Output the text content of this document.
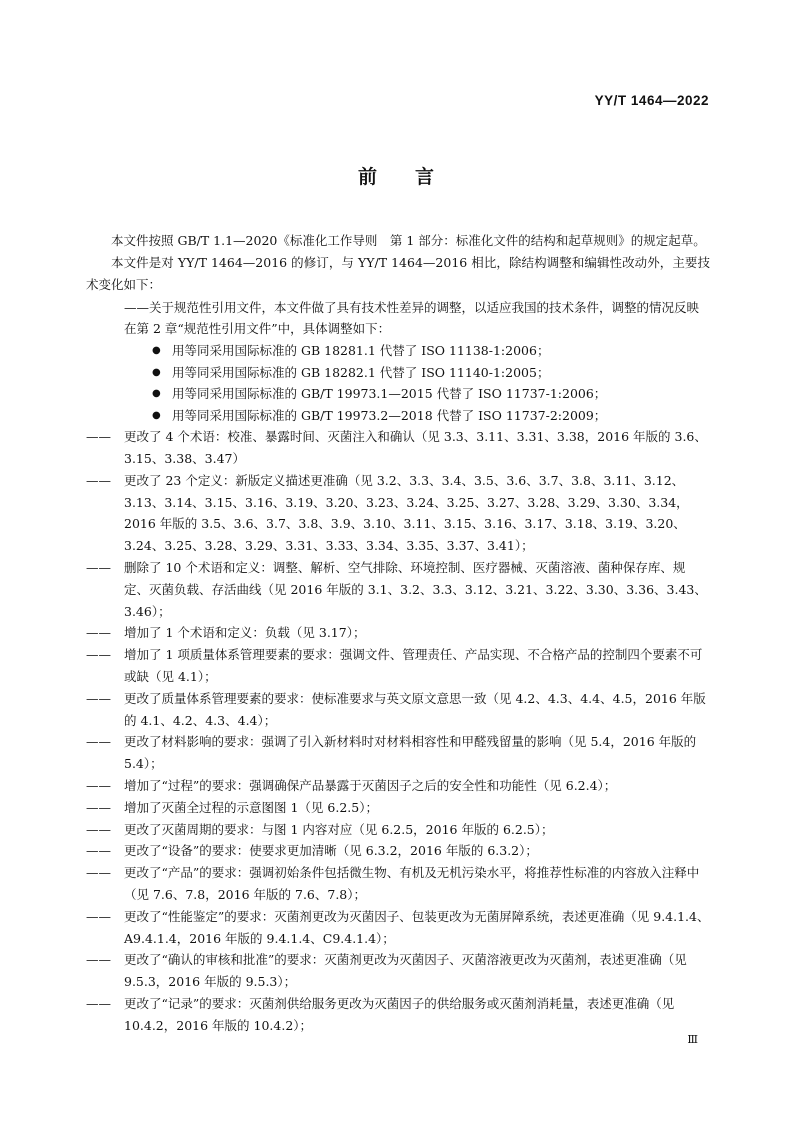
YY/T 1464—2022
前 言

本文件按照 GB/T 1.1—2020《标准化工作导则　第 1 部分：标准化文件的结构和起草规则》的规定起草。

本文件是对 YY/T 1464—2016 的修订，与 YY/T 1464—2016 相比，除结构调整和编辑性改动外，主要技术变化如下：

——关于规范性引用文件，本文件做了具有技术性差异的调整，以适应我国的技术条件，调整的情况反映在第 2 章“规范性引用文件”中，具体调整如下：
● 用等同采用国际标准的 GB 18281.1 代替了 ISO 11138-1:2006；
● 用等同采用国际标准的 GB 18282.1 代替了 ISO 11140-1:2005；
● 用等同采用国际标准的 GB/T 19973.1—2015 代替了 ISO 11737-1:2006；
● 用等同采用国际标准的 GB/T 19973.2—2018 代替了 ISO 11737-2:2009；
—— 更改了 4 个术语：校准、暴露时间、灭菌注入和确认（见 3.3、3.11、3.31、3.38，2016 年版的 3.6、3.15、3.38、3.47）
—— 更改了 23 个定义：新版定义描述更准确（见 3.2、3.3、3.4、3.5、3.6、3.7、3.8、3.11、3.12、3.13、3.14、3.15、3.16、3.19、3.20、3.23、3.24、3.25、3.27、3.28、3.29、3.30、3.34，2016 年版的 3.5、3.6、3.7、3.8、3.9、3.10、3.11、3.15、3.16、3.17、3.18、3.19、3.20、3.24、3.25、3.28、3.29、3.31、3.33、3.34、3.35、3.37、3.41）；
—— 删除了 10 个术语和定义：调整、解析、空气排除、环境控制、医疗器械、灭菌溶液、菌种保存库、规定、灭菌负载、存活曲线（见 2016 年版的 3.1、3.2、3.3、3.12、3.21、3.22、3.30、3.36、3.43、3.46）；
—— 增加了 1 个术语和定义：负载（见 3.17）；
—— 增加了 1 项质量体系管理要素的要求：强调文件、管理责任、产品实现、不合格产品的控制四个要素不可或缺（见 4.1）；
—— 更改了质量体系管理要素的要求：使标准要求与英文原文意思一致（见 4.2、4.3、4.4、4.5，2016 年版的 4.1、4.2、4.3、4.4）；
—— 更改了材料影响的要求：强调了引入新材料时对材料相容性和甲醛残留量的影响（见 5.4，2016 年版的 5.4）；
—— 增加了“过程”的要求：强调确保产品暴露于灭菌因子之后的安全性和功能性（见 6.2.4）；
—— 增加了灭菌全过程的示意图图 1（见 6.2.5）；
—— 更改了灭菌周期的要求：与图 1 内容对应（见 6.2.5，2016 年版的 6.2.5）；
—— 更改了“设备”的要求：使要求更加清晰（见 6.3.2，2016 年版的 6.3.2）；
—— 更改了“产品”的要求：强调初始条件包括微生物、有机及无机污染水平，将推荐性标准的内容放入注释中（见 7.6、7.8，2016 年版的 7.6、7.8）；
—— 更改了“性能鉴定”的要求：灭菌剂更改为灭菌因子、包装更改为无菌屏障系统，表述更准确（见 9.4.1.4、A9.4.1.4，2016 年版的 9.4.1.4、C9.4.1.4）；
—— 更改了“确认的审核和批准”的要求：灭菌剂更改为灭菌因子、灭菌溶液更改为灭菌剂，表述更准确（见 9.5.3，2016 年版的 9.5.3）；
—— 更改了“记录”的要求：灭菌剂供给服务更改为灭菌因子的供给服务或灭菌剂消耗量，表述更准确（见 10.4.2，2016 年版的 10.4.2）；
Ⅲ
